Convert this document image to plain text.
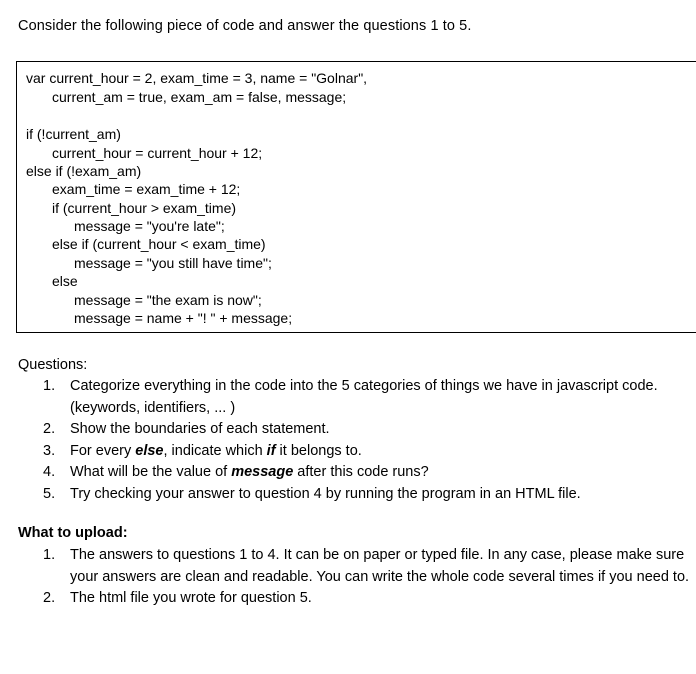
Consider the following piece of code and answer the questions 1 to 5.

var current_hour = 2, exam_time = 3, name = "Golnar",
current_am = true, exam_am = false, message;
if (!current_am)
current_hour = current_hour + 12;
else if (!exam_am)
exam_time = exam_time + 12;
if (current_hour > exam_time)
message = "you're late";
else if (current_hour < exam_time)
message = "you still have time";
else
message = "the exam is now";
message = name + "! " + message;

Questions:

1. Categorize everything in the code into the 5 categories of things we have in javascript code. (keywords, identifiers, ... )
2. Show the boundaries of each statement.
3. For every else, indicate which if it belongs to.
4. What will be the value of message after this code runs?
5. Try checking your answer to question 4 by running the program in an HTML file.

What to upload:

1. The answers to questions 1 to 4. It can be on paper or typed file. In any case, please make sure your answers are clean and readable. You can write the whole code several times if you need to.
2. The html file you wrote for question 5.
